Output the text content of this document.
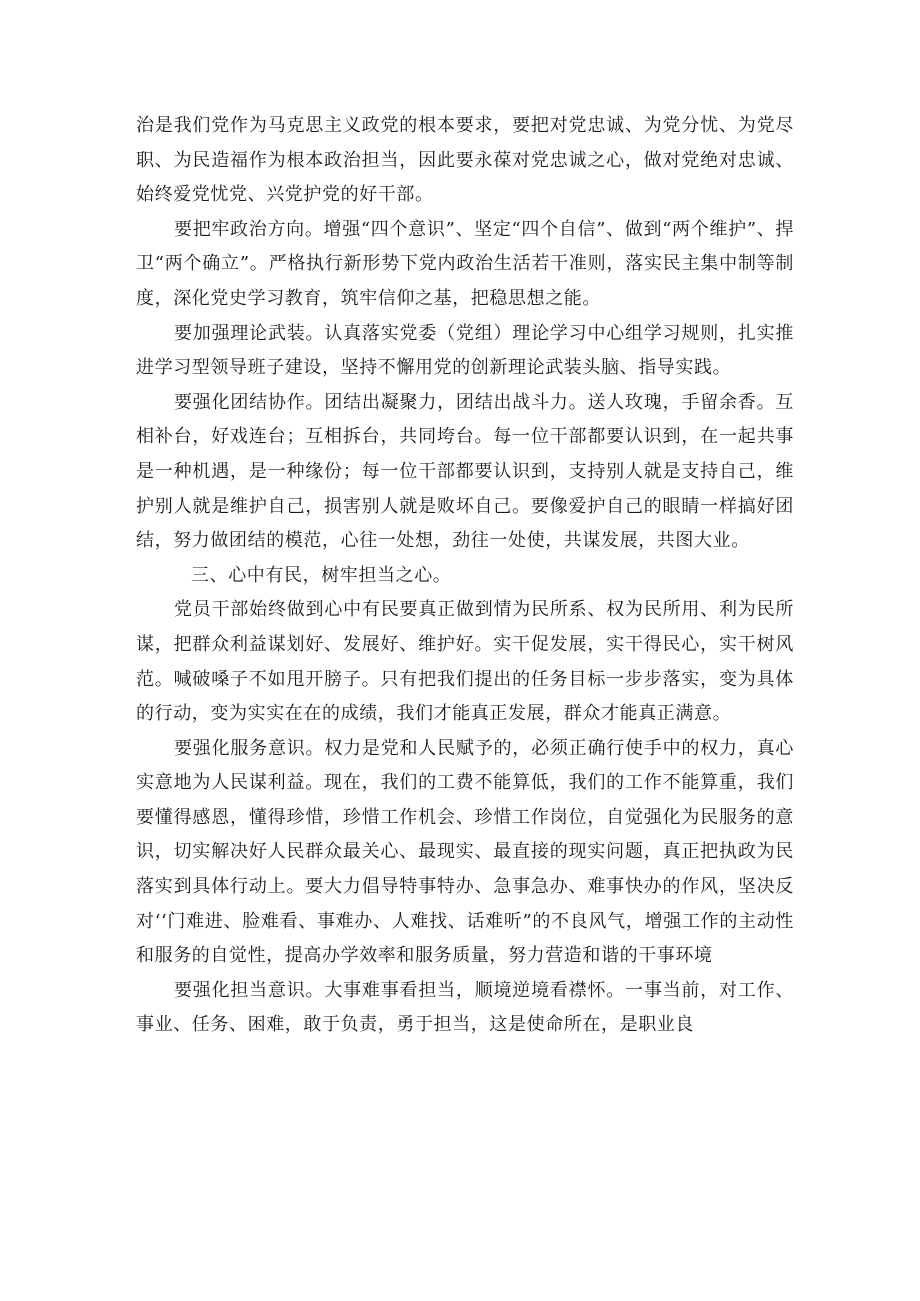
治是我们党作为马克思主义政党的根本要求，要把对党忠诚、为党分忧、为党尽职、为民造福作为根本政治担当，因此要永葆对党忠诚之心，做对党绝对忠诚、始终爱党忧党、兴党护党的好干部。

要把牢政治方向。增强“四个意识”、坚定“四个自信”、做到“两个维护”、捍卫“两个确立”。严格执行新形势下党内政治生活若干准则，落实民主集中制等制度，深化党史学习教育，筑牢信仰之基，把稳思想之能。

要加强理论武装。认真落实党委（党组）理论学习中心组学习规则，扎实推进学习型领导班子建设，坚持不懈用党的创新理论武装头脑、指导实践。

要强化团结协作。团结出凝聚力，团结出战斗力。送人玫瑰，手留余香。互相补台，好戏连台；互相拆台，共同垮台。每一位干部都要认识到，在一起共事是一种机遇，是一种缘份；每一位干部都要认识到，支持别人就是支持自己，维护别人就是维护自己，损害别人就是败坏自己。要像爱护自己的眼睛一样搞好团结，努力做团结的模范，心往一处想，劲往一处使，共谋发展，共图大业。

三、心中有民，树牢担当之心。

党员干部始终做到心中有民要真正做到情为民所系、权为民所用、利为民所谋，把群众利益谋划好、发展好、维护好。实干促发展，实干得民心，实干树风范。喊破嗓子不如甩开膀子。只有把我们提出的任务目标一步步落实，变为具体的行动，变为实实在在的成绩，我们才能真正发展，群众才能真正满意。

要强化服务意识。权力是党和人民赋予的，必须正确行使手中的权力，真心实意地为人民谋利益。现在，我们的工费不能算低，我们的工作不能算重，我们要懂得感恩，懂得珍惜，珍惜工作机会、珍惜工作岗位，自觉强化为民服务的意识，切实解决好人民群众最关心、最现实、最直接的现实问题，真正把执政为民落实到具体行动上。要大力倡导特事特办、急事急办、难事快办的作风，坚决反对‘‘门难进、脸难看、事难办、人难找、话难听”的不良风气，增强工作的主动性和服务的自觉性，提高办学效率和服务质量，努力营造和谐的干事环境

要强化担当意识。大事难事看担当，顺境逆境看襟怀。一事当前，对工作、事业、任务、困难，敢于负责，勇于担当，这是使命所在，是职业良
